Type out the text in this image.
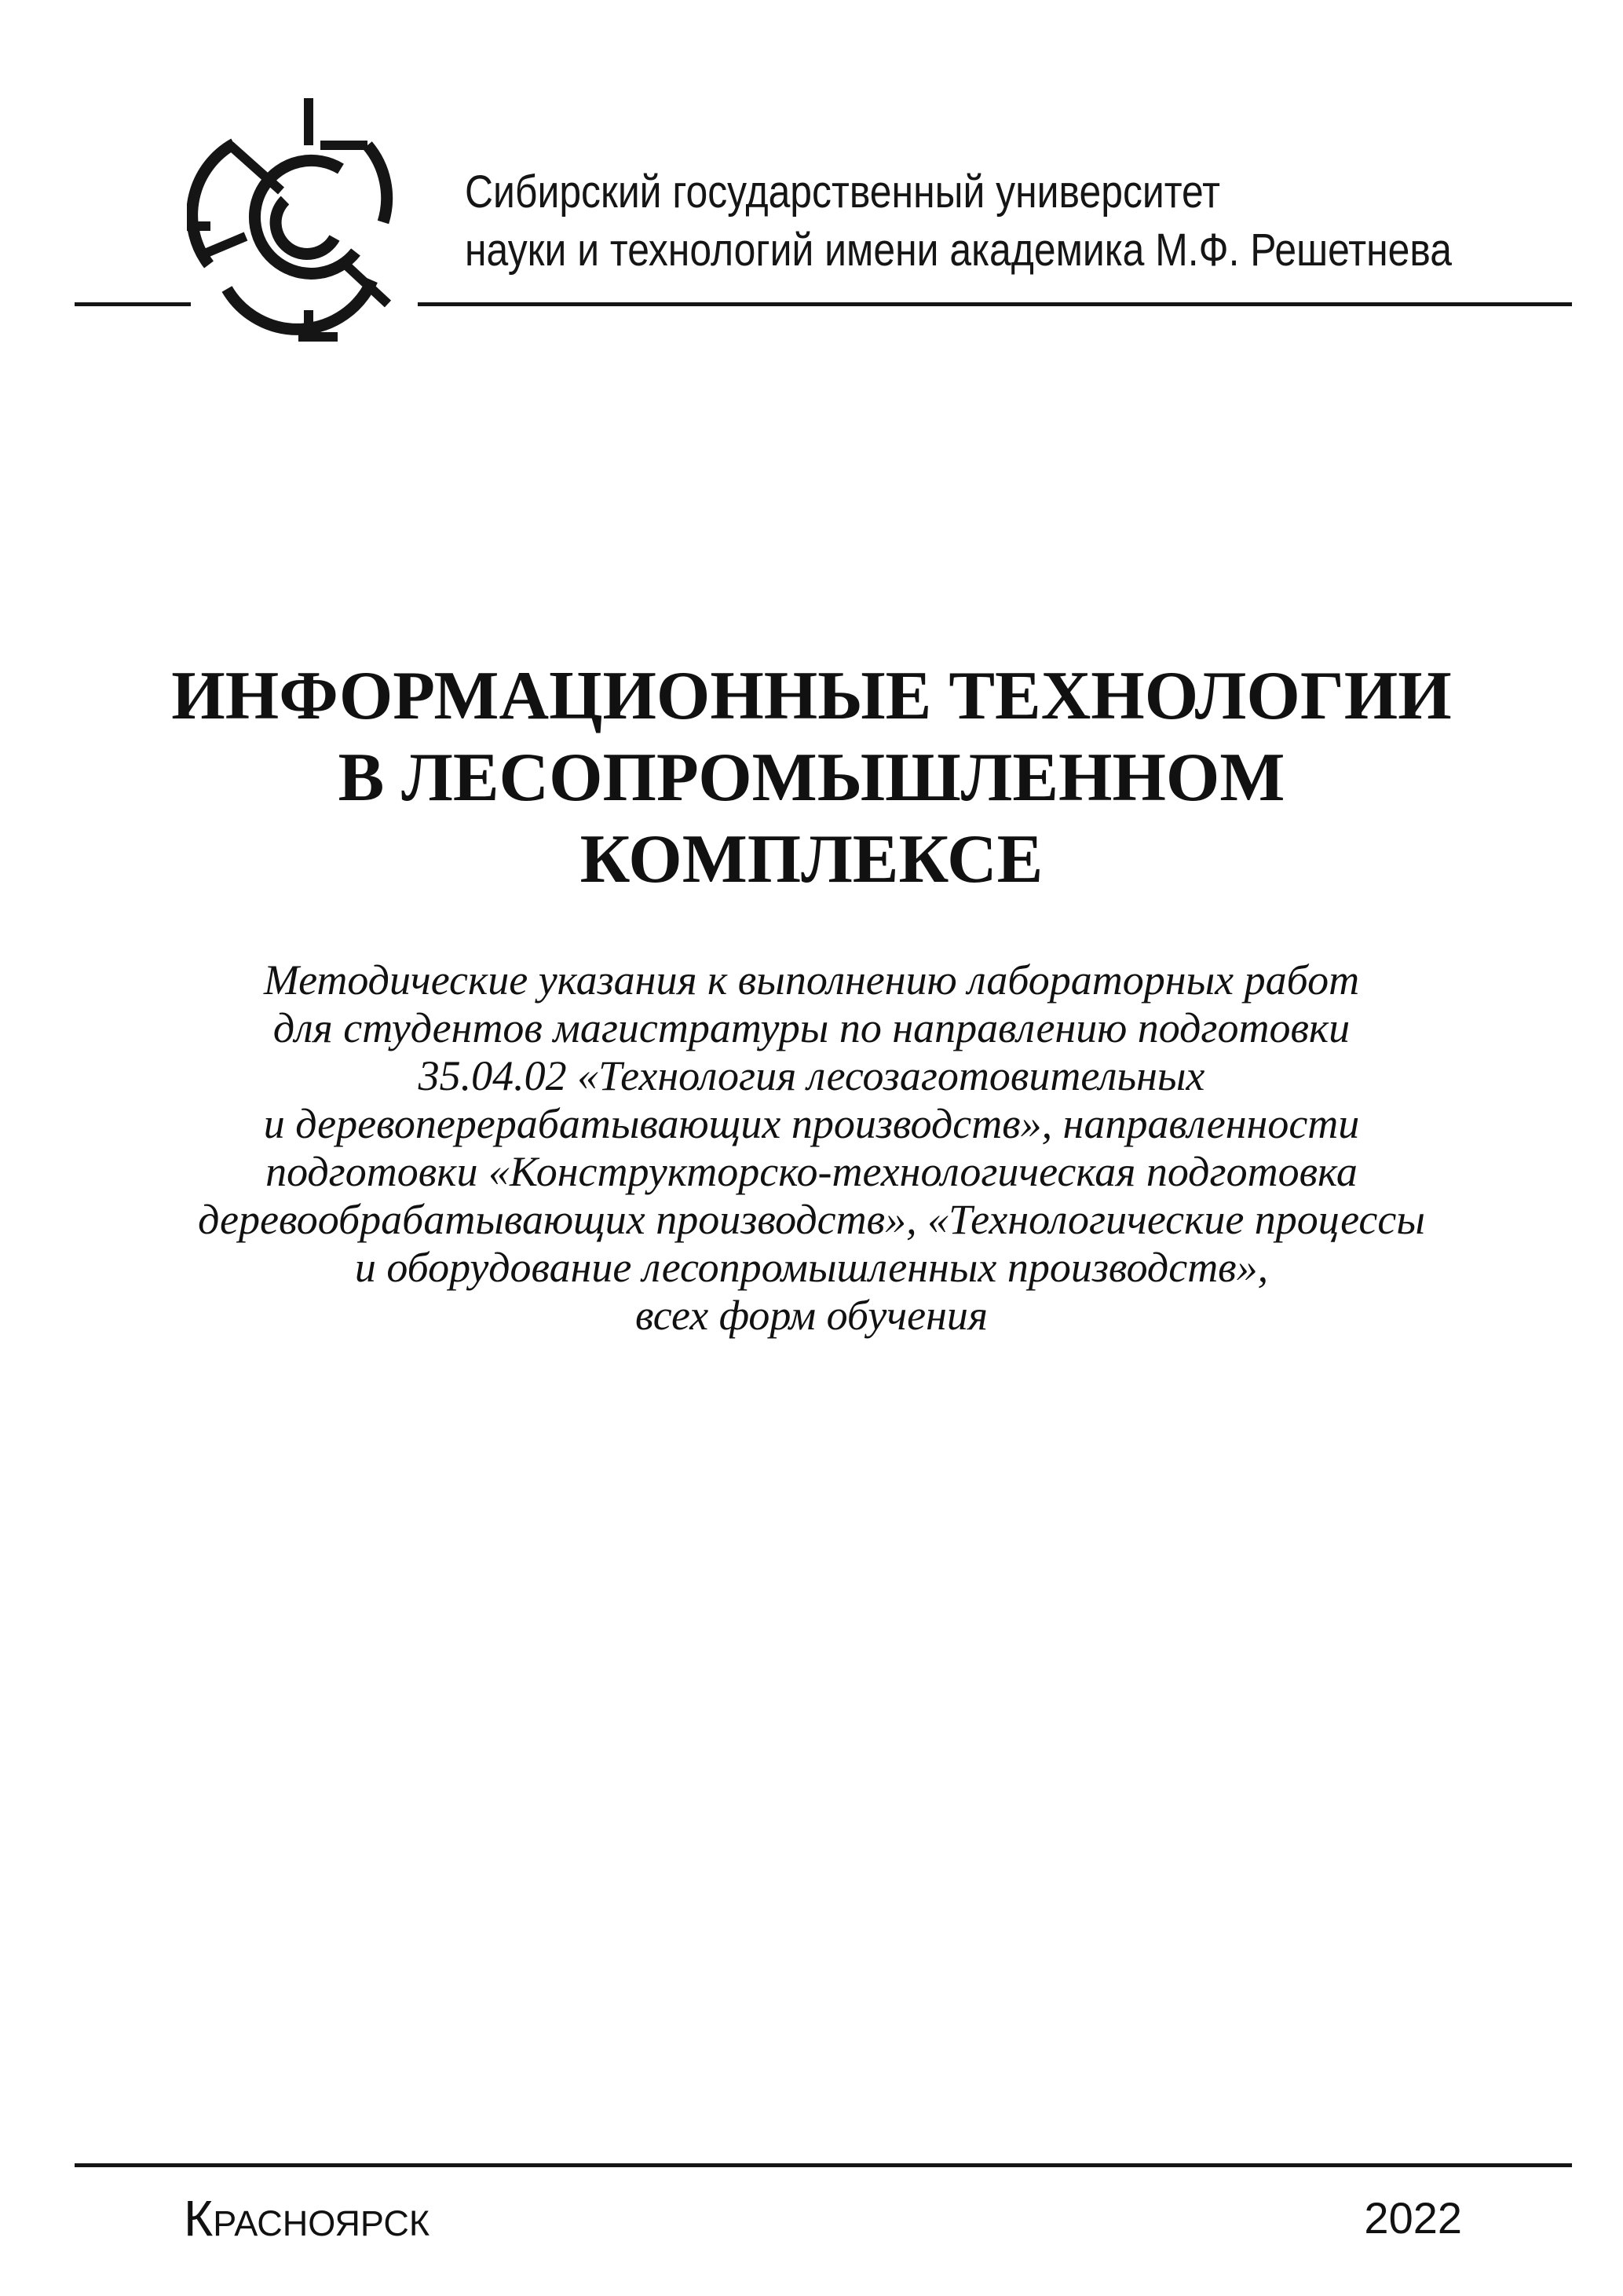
Сибирский государственный университет
науки и технологий имени академика М.Ф. Решетнева
ИНФОРМАЦИОННЫЕ ТЕХНОЛОГИИ
В ЛЕСОПРОМЫШЛЕННОМ
КОМПЛЕКСЕ
Методические указания к выполнению лабораторных работ
для студентов магистратуры по направлению подготовки
35.04.02 «Технология лесозаготовительных
и деревоперерабатывающих производств», направленности
подготовки «Конструкторско-технологическая подготовка
деревообрабатывающих производств», «Технологические процессы
и оборудование лесопромышленных производств»,
всех форм обучения
Красноярск	2022
